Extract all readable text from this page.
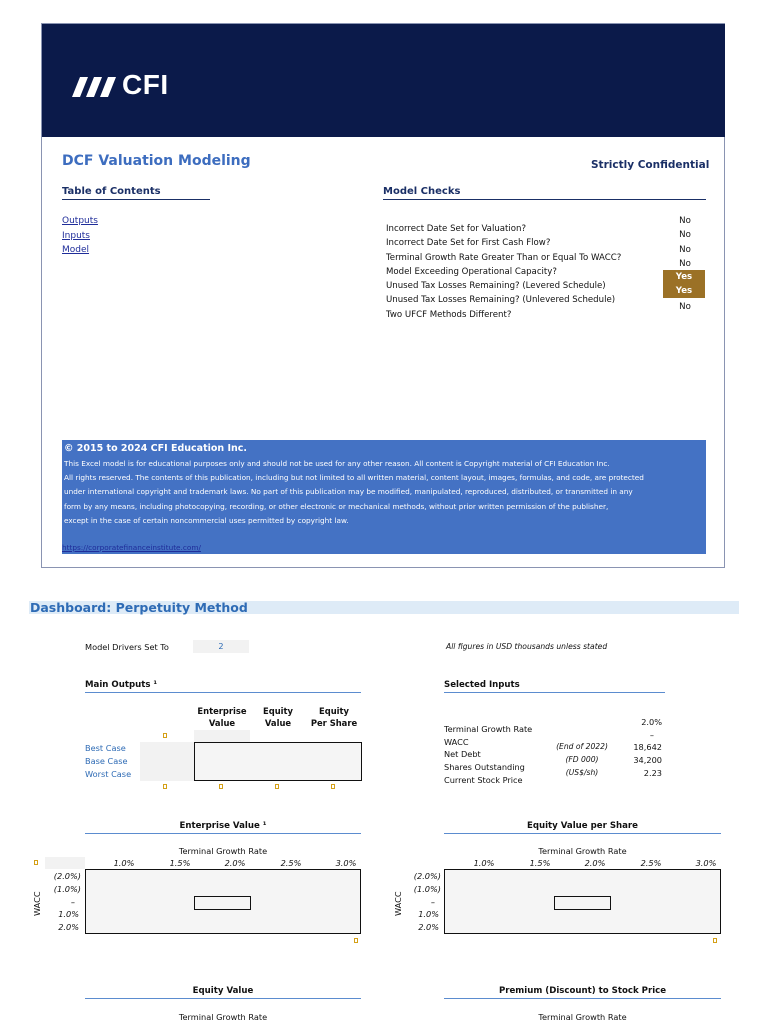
CFI
DCF Valuation Modeling	Strictly Confidential
Table of Contents
Outputs
Inputs
Model
Model Checks
Incorrect Date Set for Valuation?
No
Incorrect Date Set for First Cash Flow?
No
Terminal Growth Rate Greater Than or Equal To WACC?
No
Model Exceeding Operational Capacity?
No
Unused Tax Losses Remaining? (Levered Schedule)
Yes
Unused Tax Losses Remaining? (Unlevered Schedule)
Yes
Two UFCF Methods Different?
No
© 2015 to 2024 CFI Education Inc.
This Excel model is for educational purposes only and should not be used for any other reason. All content is Copyright material of CFI Education Inc.
All rights reserved. The contents of this publication, including but not limited to all written material, content layout, images, formulas, and code, are protected
under international copyright and trademark laws. No part of this publication may be modified, manipulated, reproduced, distributed, or transmitted in any
form by any means, including photocopying, recording, or other electronic or mechanical methods, without prior written permission of the publisher,
except in the case of certain noncommercial uses permitted by copyright law.
https://corporatefinanceinstitute.com/
Dashboard: Perpetuity Method
Model Drivers Set To	2	All figures in USD thousands unless stated
Main Outputs ¹
Enterprise
Value
Equity
Value
Equity
Per Share
Best Case
Base Case
Worst Case
Selected Inputs
Terminal Growth Rate
2.0%
WACC
–
Net Debt
(End of 2022)	18,642
Shares Outstanding
(FD 000)	34,200
Current Stock Price
(US$/sh)	2.23
Enterprise Value ¹
Terminal Growth Rate
1.0%	1.5%	2.0%	2.5%	3.0%
(2.0%)
(1.0%)
–
1.0%
2.0%
WACC
Equity Value per Share
Terminal Growth Rate
1.0%	1.5%	2.0%	2.5%	3.0%
(2.0%)
(1.0%)
–
1.0%
2.0%
WACC
Equity Value
Terminal Growth Rate
Premium (Discount) to Stock Price
Terminal Growth Rate
